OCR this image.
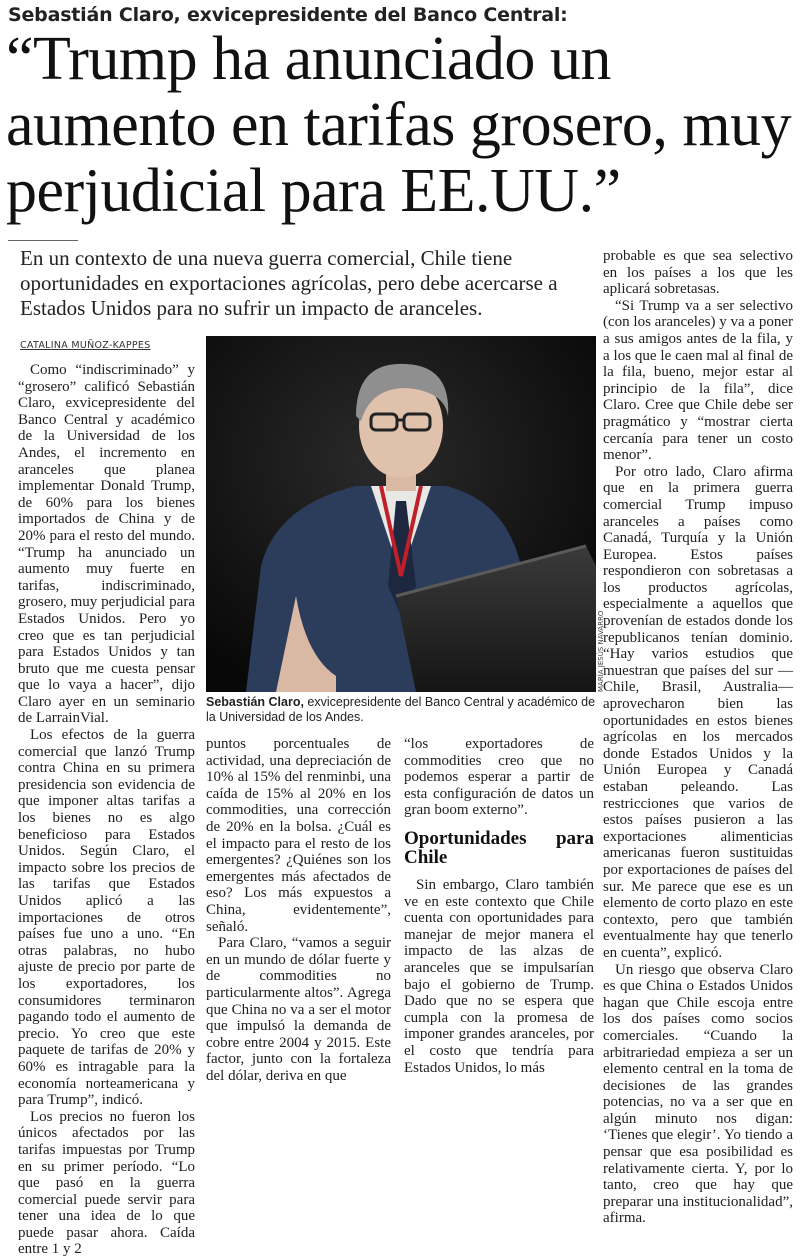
Sebastián Claro, exvicepresidente del Banco Central:
“Trump ha anunciado un aumento en tarifas grosero, muy perjudicial para EE.UU.”
En un contexto de una nueva guerra comercial, Chile tiene oportunidades en exportaciones agrícolas, pero debe acercarse a Estados Unidos para no sufrir un impacto de aranceles.
CATALINA MUÑOZ-KAPPES

Como “indiscriminado” y “grosero” calificó Sebastián Claro, exvicepresidente del Banco Central y académico de la Universidad de los Andes, el incremento en aranceles que planea implementar Donald Trump, de 60% para los bienes importados de China y de 20% para el resto del mundo. “Trump ha anunciado un aumento muy fuerte en tarifas, indiscriminado, grosero, muy perjudicial para Estados Unidos. Pero yo creo que es tan perjudicial para Estados Unidos y tan bruto que me cuesta pensar que lo vaya a hacer”, dijo Claro ayer en un seminario de LarrainVial.

Los efectos de la guerra comercial que lanzó Trump contra China en su primera presidencia son evidencia de que imponer altas tarifas a los bienes no es algo beneficioso para Estados Unidos. Según Claro, el impacto sobre los precios de las tarifas que Estados Unidos aplicó a las importaciones de otros países fue uno a uno. “En otras palabras, no hubo ajuste de precio por parte de los exportadores, los consumidores terminaron pagando todo el aumento de precio. Yo creo que este paquete de tarifas de 20% y 60% es intragable para la economía norteamericana y para Trump”, indicó.

Los precios no fueron los únicos afectados por las tarifas impuestas por Trump en su primer período. “Lo que pasó en la guerra comercial puede servir para tener una idea de lo que puede pasar ahora. Caída entre 1 y 2

MARÍA JESÚS NAVARRO
Sebastián Claro, exvicepresidente del Banco Central y académico de la Universidad de los Andes.

puntos porcentuales de actividad, una depreciación de 10% al 15% del renminbi, una caída de 15% al 20% en los commodities, una corrección de 20% en la bolsa. ¿Cuál es el impacto para el resto de los emergentes? ¿Quiénes son los emergentes más afectados de eso? Los más expuestos a China, evidentemente”, señaló.

Para Claro, “vamos a seguir en un mundo de dólar fuerte y de commodities no particularmente altos”. Agrega que China no va a ser el motor que impulsó la demanda de cobre entre 2004 y 2015. Este factor, junto con la fortaleza del dólar, deriva en que

“los exportadores de commodities creo que no podemos esperar a partir de esta configuración de datos un gran boom externo”.

Oportunidades para Chile

Sin embargo, Claro también ve en este contexto que Chile cuenta con oportunidades para manejar de mejor manera el impacto de las alzas de aranceles que se impulsarían bajo el gobierno de Trump. Dado que no se espera que cumpla con la promesa de imponer grandes aranceles, por el costo que tendría para Estados Unidos, lo más

probable es que sea selectivo en los países a los que les aplicará sobretasas.

“Si Trump va a ser selectivo (con los aranceles) y va a poner a sus amigos antes de la fila, y a los que le caen mal al final de la fila, bueno, mejor estar al principio de la fila”, dice Claro. Cree que Chile debe ser pragmático y “mostrar cierta cercanía para tener un costo menor”.

Por otro lado, Claro afirma que en la primera guerra comercial Trump impuso aranceles a países como Canadá, Turquía y la Unión Europea. Estos países respondieron con sobretasas a los productos agrícolas, especialmente a aquellos que provenían de estados donde los republicanos tenían dominio. “Hay varios estudios que muestran que países del sur —Chile, Brasil, Australia— aprovecharon bien las oportunidades en estos bienes agrícolas en los mercados donde Estados Unidos y la Unión Europea y Canadá estaban peleando. Las restricciones que varios de estos países pusieron a las exportaciones alimenticias americanas fueron sustituidas por exportaciones de países del sur. Me parece que ese es un elemento de corto plazo en este contexto, pero que también eventualmente hay que tenerlo en cuenta”, explicó.

Un riesgo que observa Claro es que China o Estados Unidos hagan que Chile escoja entre los dos países como socios comerciales. “Cuando la arbitrariedad empieza a ser un elemento central en la toma de decisiones de las grandes potencias, no va a ser que en algún minuto nos digan: ‘Tienes que elegir’. Yo tiendo a pensar que esa posibilidad es relativamente cierta. Y, por lo tanto, creo que hay que preparar una institucionalidad”, afirma.
